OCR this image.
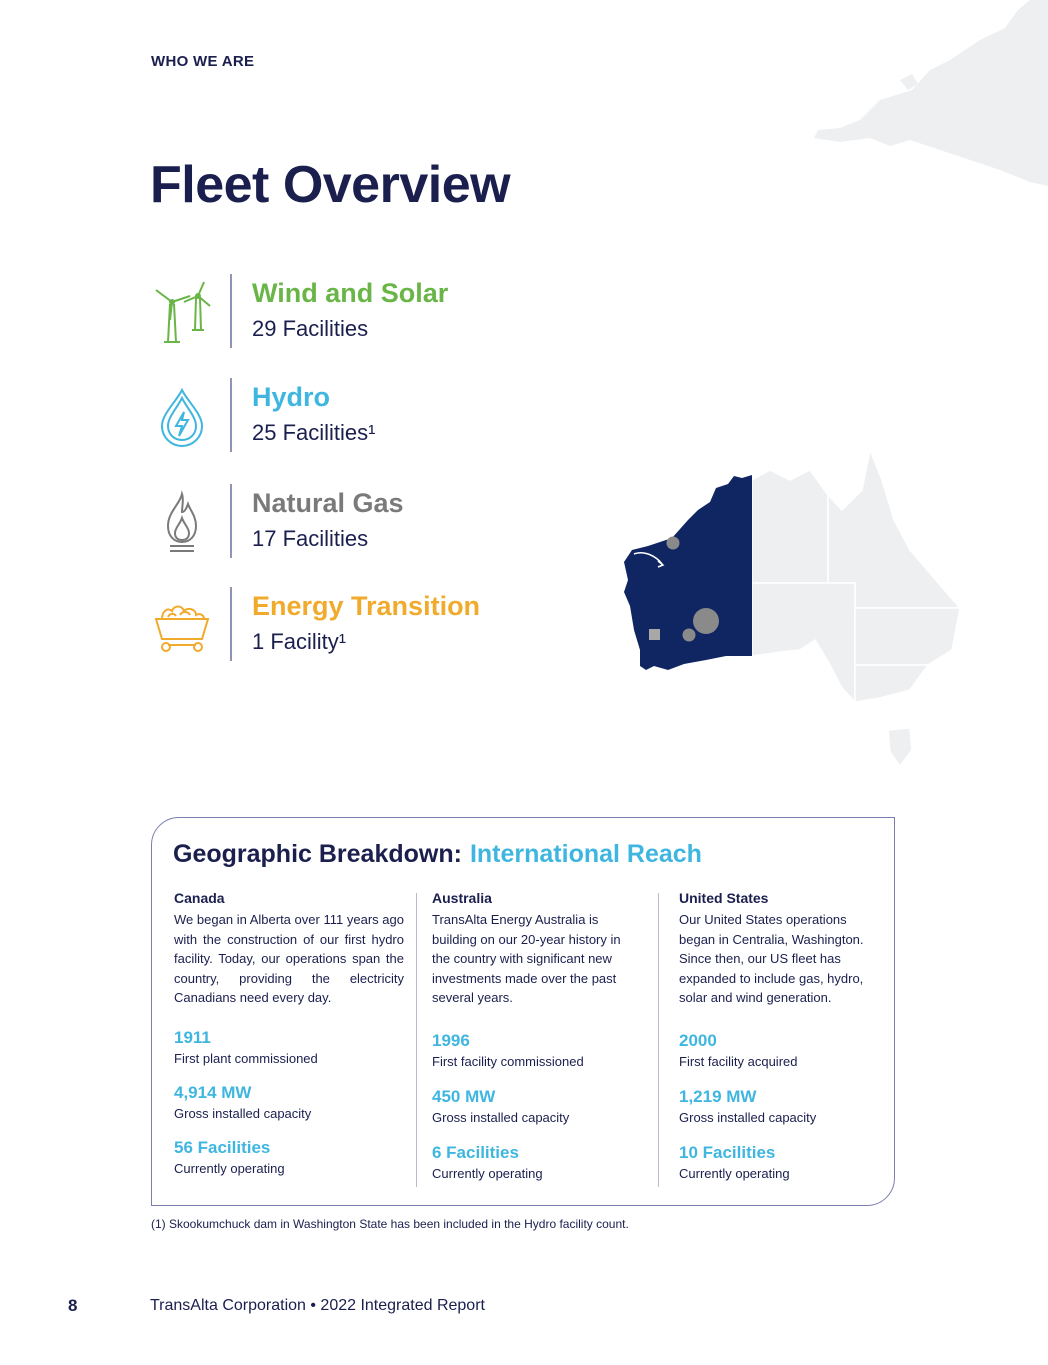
WHO WE ARE
Fleet Overview
Wind and Solar
29 Facilities
Hydro
25 Facilities¹
Natural Gas
17 Facilities
Energy Transition
1 Facility¹
Geographic Breakdown: International Reach
Canada
We began in Alberta over 111 years ago with the construction of our first hydro facility. Today, our operations span the country, providing the electricity Canadians need every day.
1911
First plant commissioned
4,914 MW
Gross installed capacity
56 Facilities
Currently operating
Australia
TransAlta Energy Australia is building on our 20-year history in the country with significant new investments made over the past several years.
1996
First facility commissioned
450 MW
Gross installed capacity
6 Facilities
Currently operating
United States
Our United States operations began in Centralia, Washington. Since then, our US fleet has expanded to include gas, hydro, solar and wind generation.
2000
First facility acquired
1,219 MW
Gross installed capacity
10 Facilities
Currently operating
(1) Skookumchuck dam in Washington State has been included in the Hydro facility count.
8	TransAlta Corporation • 2022 Integrated Report
